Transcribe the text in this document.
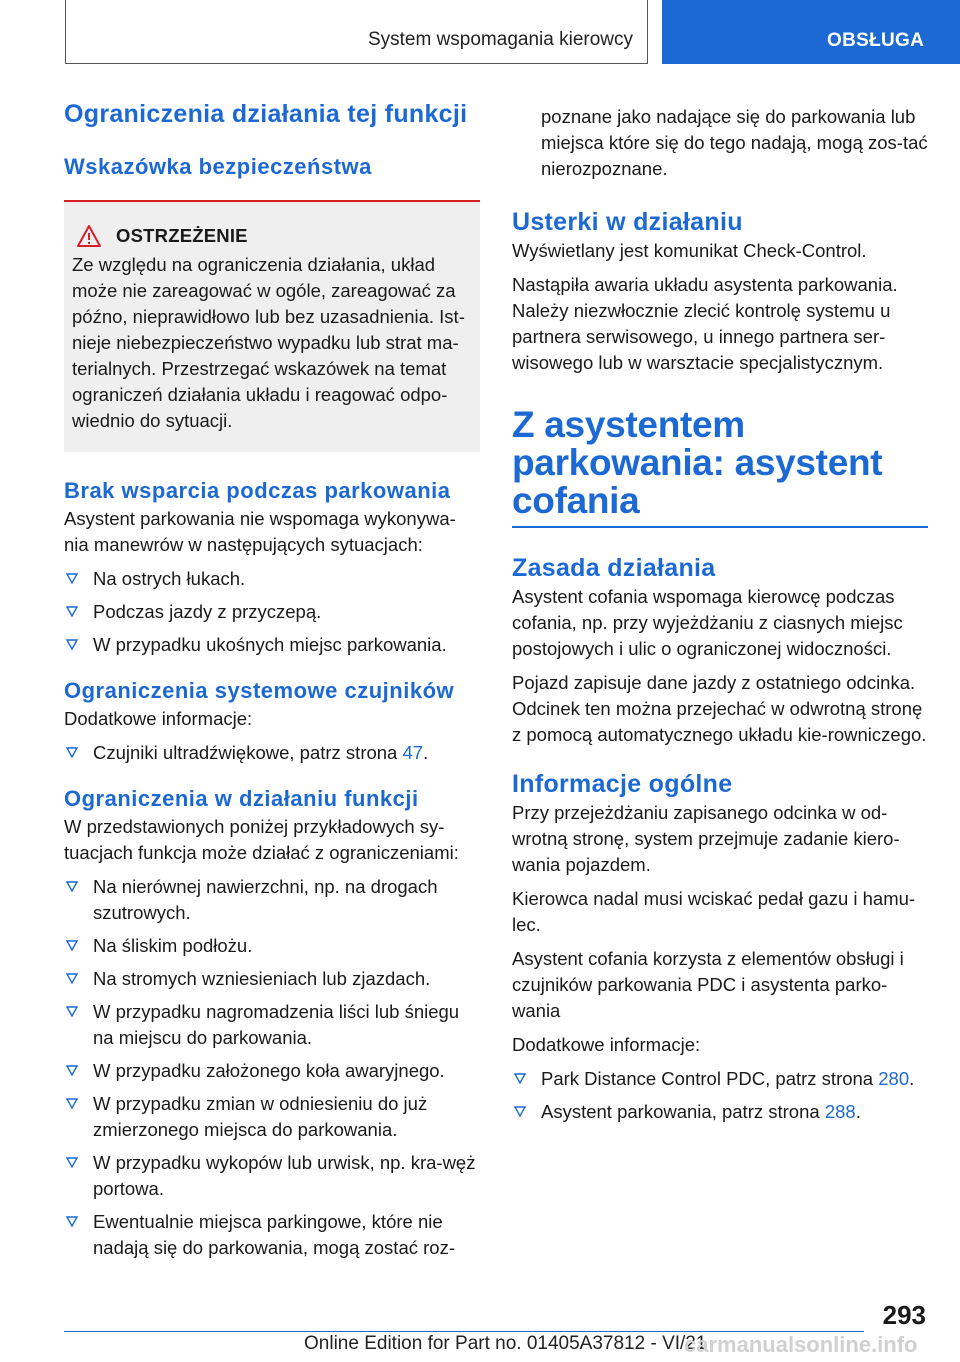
System wspomagania kierowcy	OBSŁUGA
Ograniczenia działania tej funkcji
Wskazówka bezpieczeństwa
OSTRZEŻENIE

Ze względu na ograniczenia działania, układ może nie zareagować w ogóle, zareagować za późno, nieprawidłowo lub bez uzasadnienia. Ist-nieje niebezpieczeństwo wypadku lub strat ma-terialnych. Przestrzegać wskazówek na temat ograniczeń działania układu i reagować odpo-wiednio do sytuacji.

Brak wsparcia podczas parkowania

Asystent parkowania nie wspomaga wykonywa-nia manewrów w następujących sytuacjach:

Na ostrych łukach.
Podczas jazdy z przyczepą.
W przypadku ukośnych miejsc parkowania.
Ograniczenia systemowe czujników

Dodatkowe informacje:

Czujniki ultradźwiękowe, patrz strona 47.
Ograniczenia w działaniu funkcji

W przedstawionych poniżej przykładowych sy-tuacjach funkcja może działać z ograniczeniami:

Na nierównej nawierzchni, np. na drogach szutrowych.
Na śliskim podłożu.
Na stromych wzniesieniach lub zjazdach.
W przypadku nagromadzenia liści lub śniegu na miejscu do parkowania.
W przypadku założonego koła awaryjnego.
W przypadku zmian w odniesieniu do już zmierzonego miejsca do parkowania.
W przypadku wykopów lub urwisk, np. kra-węż portowa.
Ewentualnie miejsca parkingowe, które nie nadają się do parkowania, mogą zostać roz-

poznane jako nadające się do parkowania lub miejsca które się do tego nadają, mogą zos-tać nierozpoznane.

Usterki w działaniu

Wyświetlany jest komunikat Check-Control.

Nastąpiła awaria układu asystenta parkowania. Należy niezwłocznie zlecić kontrolę systemu u partnera serwisowego, u innego partnera ser-wisowego lub w warsztacie specjalistycznym.

Z asystentem parkowania: asystent cofania
Zasada działania

Asystent cofania wspomaga kierowcę podczas cofania, np. przy wyjeżdżaniu z ciasnych miejsc postojowych i ulic o ograniczonej widoczności.

Pojazd zapisuje dane jazdy z ostatniego odcinka. Odcinek ten można przejechać w odwrotną stronę z pomocą automatycznego układu kie-rowniczego.

Informacje ogólne

Przy przejeżdżaniu zapisanego odcinka w od-wrotną stronę, system przejmuje zadanie kiero-wania pojazdem.

Kierowca nadal musi wciskać pedał gazu i hamu-lec.

Asystent cofania korzysta z elementów obsługi i czujników parkowania PDC i asystenta parko-wania

Dodatkowe informacje:

Park Distance Control PDC, patrz strona 280.
Asystent parkowania, patrz strona 288.
293
Online Edition for Part no. 01405A37812 - VI/21
carmanualsonline.info
